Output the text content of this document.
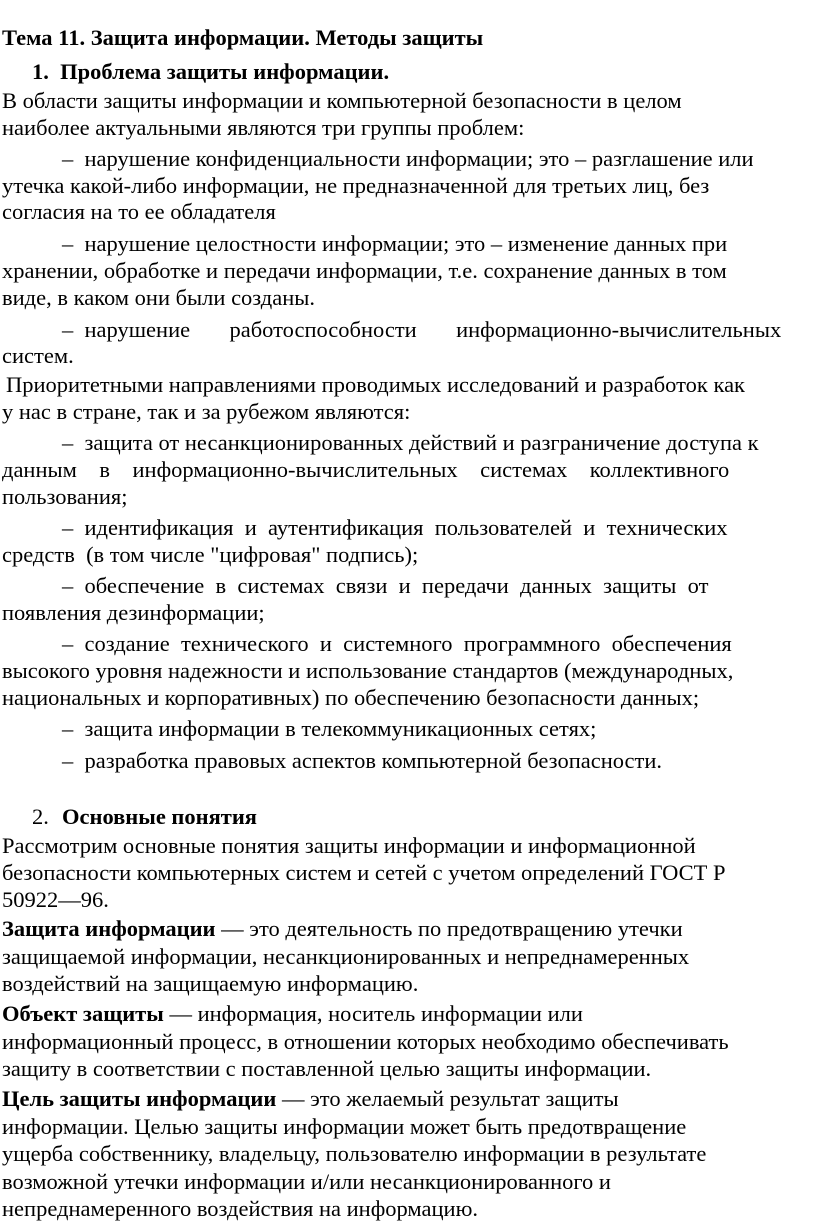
Тема 11. Защита информации. Методы защиты
1.  Проблема защиты информации.
В области защиты информации и компьютерной безопасности в целом
наиболее актуальными являются три группы проблем:
–  нарушение конфиденциальности информации; это – разглашение или
утечка какой-либо информации, не предназначенной для третьих лиц, без
согласия на то ее обладателя
–  нарушение целостности информации; это – изменение данных при
хранении, обработке и передачи информации, т.е. сохранение данных в том
виде, в каком они были созданы.
–  нарушение       работоспособности       информационно-вычислительных
систем.
Приоритетными направлениями проводимых исследований и разработок как
у нас в стране, так и за рубежом являются:
–  защита от несанкционированных действий и разграничение доступа к
данным    в    информационно-вычислительных    системах    коллективного
пользования;
–  идентификация  и  аутентификация  пользователей  и  технических
средств  (в том числе "цифровая" подпись);
–  обеспечение  в  системах  связи  и  передачи  данных  защиты  от
появления дезинформации;
–  создание  технического  и  системного  программного  обеспечения
высокого уровня надежности и использование стандартов (международных,
национальных и корпоративных) по обеспечению безопасности данных;
–  защита информации в телекоммуникационных сетях;
–  разработка правовых аспектов компьютерной безопасности.
2. Основные понятия
Рассмотрим основные понятия защиты информации и информационной
безопасности компьютерных систем и сетей с учетом определений ГОСТ Р
50922—96.
Защита информации — это деятельность по предотвращению утечки
защищаемой информации, несанкционированных и непреднамеренных
воздействий на защищаемую информацию.
Объект защиты — информация, носитель информации или
информационный процесс, в отношении которых необходимо обеспечивать
защиту в соответствии с поставленной целью защиты информации.
Цель защиты информации — это желаемый результат защиты
информации. Целью защиты информации может быть предотвращение
ущерба собственнику, владельцу, пользователю информации в результате
возможной утечки информации и/или несанкционированного и
непреднамеренного воздействия на информацию.
